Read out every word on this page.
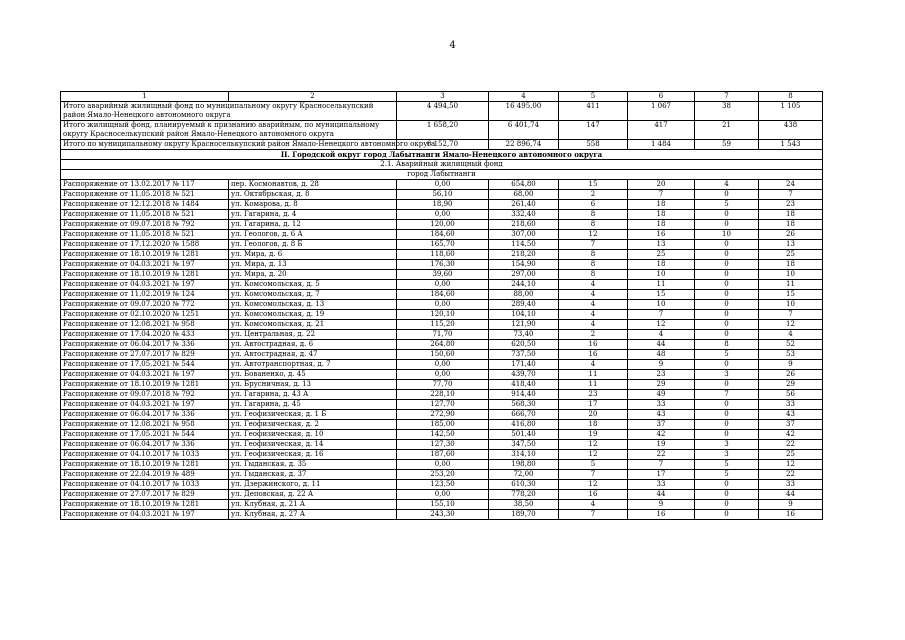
4
1	2	3	4	5	6	7	8
Итого аварийный жилищный фонд по муниципальному округу Красноселькупский район Ямало-Ненецкого автономного округа		4 494,50	16 495,00	411	1 067	38	1 105
Итого жилищный фонд, планируемый к признанию аварийным, по муниципальному округу Красноселькупский район Ямало-Ненецкого автономного округа		1 658,20	6 401,74	147	417	21	438
Итого по муниципальному округу Красноселькупский район Ямало-Ненецкого автономного округа		6 152,70	22 896,74	558	1 484	59	1 543
II. Городской округ город Лабытнанги Ямало-Ненецкого автономного округа							
2.1. Аварийный жилищный фонд							
город Лабытнанги							
Распоряжение от 13.02.2017 № 117	пер. Космонавтов, д. 28	0,00	654,80	15	20	4	24
Распоряжение от 11.05.2018 № 521	ул. Октябрьская, д. 8	56,10	68,00	2	7	0	7
Распоряжение от 12.12.2018 № 1484	ул. Комарова, д. 8	18,90	261,40	6	18	5	23
Распоряжение от 11.05.2018 № 521	ул. Гагарина, д. 4	0,00	332,40	8	18	0	18
Распоряжение от 09.07.2018 № 792	ул. Гагарина, д. 12	120,00	218,60	8	18	0	18
Распоряжение от 11.05.2018 № 521	ул. Геологов, д. 6 А	184,60	307,00	12	16	10	26
Распоряжение от 17.12.2020 № 1588	ул. Геологов, д. 8 Б	165,70	114,50	7	13	0	13
Распоряжение от 18.10.2019 № 1281	ул. Мира, д. 6	118,60	218,20	8	25	0	25
Распоряжение от 04.03.2021 № 197	ул. Мира, д. 13	176,30	154,90	8	18	0	18
Распоряжение от 18.10.2019 № 1281	ул. Мира, д. 20	39,60	297,00	8	10	0	10
Распоряжение от 04.03.2021 № 197	ул. Комсомольская, д. 5	0,00	244,10	4	11	0	11
Распоряжение от 11.02.2019 № 124	ул. Комсомольская, д. 7	184,60	88,00	4	15	0	15
Распоряжение от 09.07.2020 № 772	ул. Комсомольская, д. 13	0,00	289,40	4	10	0	10
Распоряжение от 02.10.2020 № 1251	ул. Комсомольская, д. 19	120,10	104,10	4	7	0	7
Распоряжение от 12.08.2021 № 958	ул. Комсомольская, д. 21	115,20	121,90	4	12	0	12
Распоряжение от 17.04.2020 № 433	ул. Центральная, д. 22	71,70	73,40	2	4	0	4
Распоряжение от 06.04.2017 № 336	ул. Автострадная, д. 6	264,80	620,50	16	44	8	52
Распоряжение от 27.07.2017 № 829	ул. Автострадная, д. 47	150,60	737,50	16	48	5	53
Распоряжение от 17.05.2021 № 544	ул. Автотранспортная, д. 7	0,00	171,40	4	9	0	9
Распоряжение от 04.03.2021 № 197	ул. Бованенко, д. 45	0,00	439,70	11	23	3	26
Распоряжение от 18.10.2019 № 1281	ул. Брусничная, д. 13	77,70	418,40	11	29	0	29
Распоряжение от 09.07.2018 № 792	ул. Гагарина, д. 43 А	228,10	914,40	23	49	7	56
Распоряжение от 04.03.2021 № 197	ул. Гагарина, д. 45	127,70	568,30	17	33	0	33
Распоряжение от 06.04.2017 № 336	ул. Геофизическая, д. 1 Б	272,90	666,70	20	43	0	43
Распоряжение от 12.08.2021 № 958	ул. Геофизическая, д. 2	185,00	416,80	18	37	0	37
Распоряжение от 17.05.2021 № 544	ул. Геофизическая, д. 10	142,50	501,40	19	42	0	42
Распоряжение от 06.04.2017 № 336	ул. Геофизическая, д. 14	127,30	347,50	12	19	3	22
Распоряжение от 04.10.2017 № 1033	ул. Геофизическая, д. 16	187,60	314,10	12	22	3	25
Распоряжение от 18.10.2019 № 1281	ул. Гыданская, д. 35	0,00	198,80	5	7	5	12
Распоряжение от 22.04.2019 № 489	ул. Гыданская, д. 37	253,20	72,00	7	17	5	22
Распоряжение от 04.10.2017 № 1033	ул. Дзержинского, д. 11	123,50	610,30	12	33	0	33
Распоряжение от 27.07.2017 № 829	ул. Деповская, д. 22 А	0,00	778,20	16	44	0	44
Распоряжение от 18.10.2019 № 1281	ул. Клубная, д. 21 А	155,10	38,50	4	9	0	9
Распоряжение от 04.03.2021 № 197	ул. Клубная, д. 27 А	243,30	189,70	7	16	0	16
